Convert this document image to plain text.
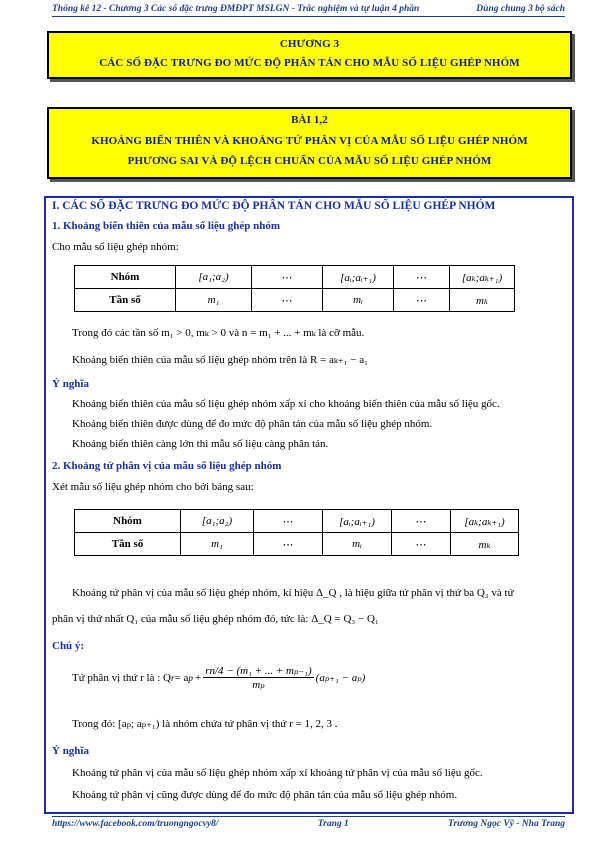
Thống kê 12 - Chương 3 Các số đặc trưng ĐMĐPT MSLGN - Trắc nghiệm và tự luận 4 phần	Dùng chung 3 bộ sách
CHƯƠNG 3
CÁC SỐ ĐẶC TRƯNG ĐO MỨC ĐỘ PHÂN TÁN CHO MẪU SỐ LIỆU GHÉP NHÓM
BÀI 1,2
KHOẢNG BIẾN THIÊN VÀ KHOẢNG TỨ PHÂN VỊ CỦA MẪU SỐ LIỆU GHÉP NHÓM
PHƯƠNG SAI VÀ ĐỘ LỆCH CHUẨN CỦA MẪU SỐ LIỆU GHÉP NHÓM
I. CÁC SỐ ĐẶC TRƯNG ĐO MỨC ĐỘ PHÂN TÁN CHO MẪU SỐ LIỆU GHÉP NHÓM
1. Khoảng biến thiên của mẫu số liệu ghép nhóm
Cho mẫu số liệu ghép nhóm:
Nhóm	[a₁;a₂)	⋯	[aᵢ;aᵢ₊₁)	⋯	[aₖ;aₖ₊₁)
Tần số	m₁	⋯	mᵢ	⋯	mₖ
Trong đó các tần số m₁ > 0, mₖ > 0 và n = m₁ + ... + mₖ là cỡ mẫu.
Khoảng biến thiên của mẫu số liệu ghép nhóm trên là R = aₖ₊₁ − a₁
Ý nghĩa
Khoảng biến thiên của mẫu số liệu ghép nhóm xấp xỉ cho khoảng biến thiên của mẫu số liệu gốc.
Khoảng biến thiên được dùng để đo mức độ phân tán của mẫu số liệu ghép nhóm.
Khoảng biến thiên càng lớn thì mẫu số liệu càng phân tán.
2. Khoảng tứ phân vị của mẫu số liệu ghép nhóm
Xét mẫu số liệu ghép nhóm cho bởi bảng sau:
Nhóm	[a₁;a₂)	⋯	[aᵢ;aᵢ₊₁)	⋯	[aₖ;aₖ₊₁)
Tần số	m₁	⋯	mᵢ	⋯	mₖ
Khoảng tứ phân vị của mẫu số liệu ghép nhóm, kí hiệu Δ_Q , là hiệu giữa tứ phân vị thứ ba Q₃ và tứ
phân vị thứ nhất Q₁ của mẫu số liệu ghép nhóm đó, tức là: Δ_Q = Q₃ − Q₁
Chú ý:
Tứ phân vị thứ r là : Q r = a $p + \frac{\text{rn/4 − (m₁ + ... + mₚ₋₁)}}{\text{mₚ}} (a_{p+1} - a_p)$
Trong đó: [aₚ; aₚ₊₁) là nhóm chứa tứ phân vị thứ r = 1, 2, 3 .
Ý nghĩa
Khoảng tứ phân vị của mẫu số liệu ghép nhóm xấp xỉ khoảng tứ phân vị của mẫu số liệu gốc.
Khoảng tứ phân vị cũng được dùng để đo mức độ phân tán của mẫu số liệu ghép nhóm.
https://www.facebook.com/truongngocvy8/	Trang 1	Trương Ngọc Vỹ - Nha Trang
